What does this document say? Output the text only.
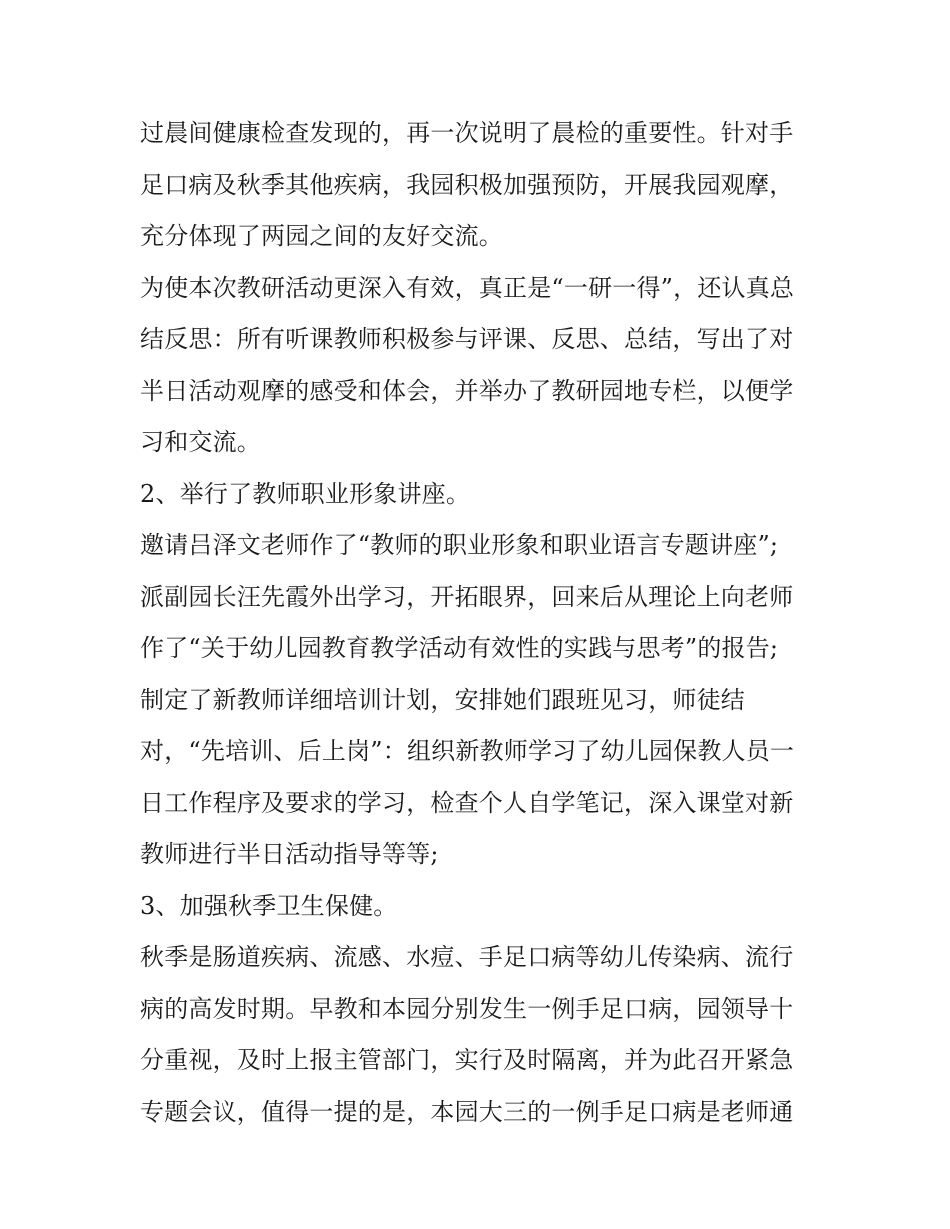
过晨间健康检查发现的，再一次说明了晨检的重要性。针对手
足口病及秋季其他疾病，我园积极加强预防，开展我园观摩，
充分体现了两园之间的友好交流。
为使本次教研活动更深入有效，真正是“一研一得”，还认真总
结反思：所有听课教师积极参与评课、反思、总结，写出了对
半日活动观摩的感受和体会，并举办了教研园地专栏，以便学
习和交流。
2、举行了教师职业形象讲座。
邀请吕泽文老师作了“教师的职业形象和职业语言专题讲座”;
派副园长汪先霞外出学习，开拓眼界，回来后从理论上向老师
作了“关于幼儿园教育教学活动有效性的实践与思考”的报告;
制定了新教师详细培训计划，安排她们跟班见习，师徒结
对，“先培训、后上岗”：组织新教师学习了幼儿园保教人员一
日工作程序及要求的学习，检查个人自学笔记，深入课堂对新
教师进行半日活动指导等等;
3、加强秋季卫生保健。
秋季是肠道疾病、流感、水痘、手足口病等幼儿传染病、流行
病的高发时期。早教和本园分别发生一例手足口病，园领导十
分重视，及时上报主管部门，实行及时隔离，并为此召开紧急
专题会议，值得一提的是，本园大三的一例手足口病是老师通
